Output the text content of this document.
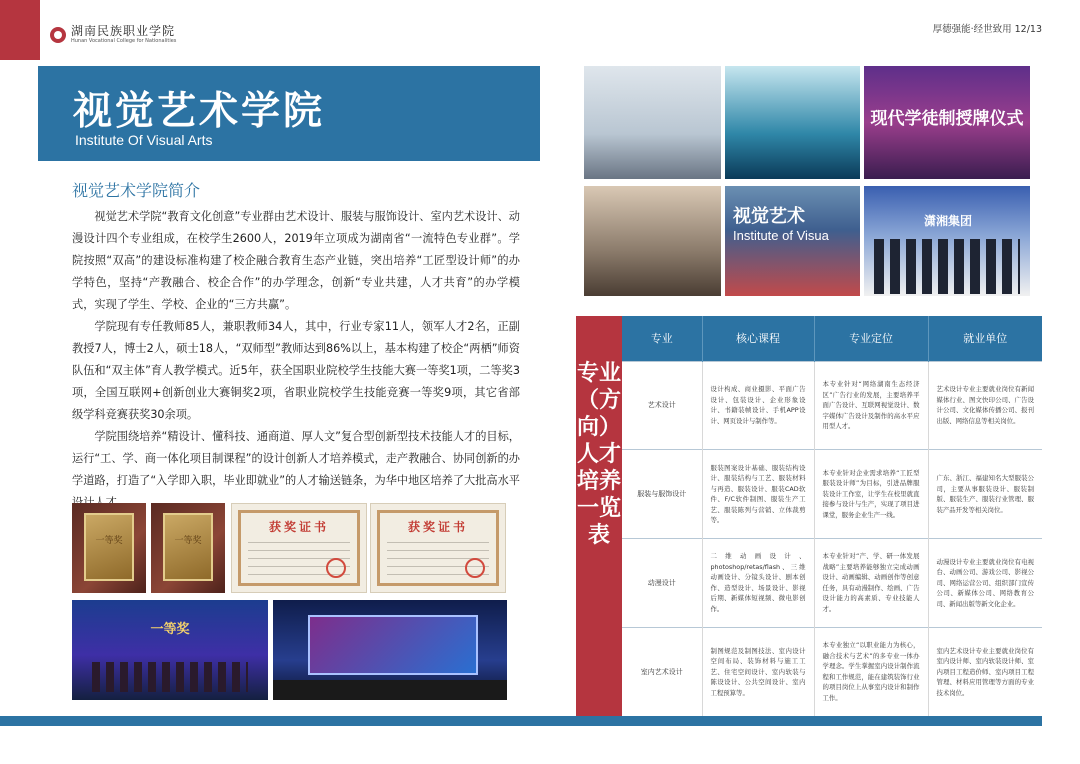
湖南民族职业学院
Hunan Vocational College for Nationalities
厚德强能·经世致用 12/13
视觉艺术学院
Institute Of Visual Arts
视觉艺术学院简介

视觉艺术学院“教育文化创意”专业群由艺术设计、服装与服饰设计、室内艺术设计、动漫设计四个专业组成，在校学生2600人，2019年立项成为湖南省“一流特色专业群”。学院按照“双高”的建设标准构建了校企融合教育生态产业链，突出培养“工匠型设计师”的办学特色，坚持“产教融合、校企合作”的办学理念，创新“专业共建，人才共育”的办学模式，实现了学生、学校、企业的“三方共赢”。

学院现有专任教师85人，兼职教师34人，其中，行业专家11人，领军人才2名，正副教授7人，博士2人，硕士18人，“双师型”教师达到86%以上，基本构建了校企“两栖”师资队伍和“双主体”育人教学模式。近5年，获全国职业院校学生技能大赛一等奖1项，二等奖3项，全国互联网+创新创业大赛铜奖2项，省职业院校学生技能竞赛一等奖9项，其它省部级学科竞赛获奖30余项。

学院围绕培养“精设计、懂科技、通商道、厚人文”复合型创新型技术技能人才的目标，运行“工、学、商一体化项目制课程”的设计创新人才培养模式，走产教融合、协同创新的办学道路，打造了“入学即入职，毕业即就业”的人才输送链条，为华中地区培养了大批高水平

一等奖	一等奖
获奖证书	获奖证书
一等奖
现代学徒制授牌仪式
视觉艺术
Institute of Visua
潇湘集团
专业（方向）人才培养一览表
专业	核心课程	专业定位	就业单位
艺术设计	设计构成、商业摄影、平面广告设计、包装设计、企业形象设计、书籍装帧设计、手机APP设计、网页设计与制作等。	本专业针对“网络湖南生态经济区”广告行业的发展，主要培养平面广告设计、互联网视觉设计、数字媒体广告设计及制作的高水平应用型人才。	艺术设计专业主要就业岗位有新闻媒体行业、图文快印公司、广告设计公司、文化媒体传播公司、报刊出版、网络信息等相关岗位。
服装与服饰设计	服装图案设计基础、服装结构设计、服装结构与工艺、服装材料与再造、服装设计、服装CAD软件、F/C软件制图、服装生产工艺、服装陈列与营销、立体裁剪等。	本专业针对企业需求培养“工匠型服装设计师”为目标，引进品牌服装设计工作室，让学生在校里就直接参与设计与生产，实现了项目进课堂，服务企业生产一线。	广东、浙江、福建知名大型服装公司，主要从事服装设计、服装制版、服装生产、服装行业管理、服装产品开发等相关岗位。
动漫设计	二维动画设计、photoshop/retas/flash、三维动画设计、分镜头设计、剧本创作、造型设计、场景设计、影视后期、新媒体短视频、微电影创作。	本专业针对“产、学、研一体发展战略”主要培养能够独立完成动画设计、动画编辑、动画创作等创意任务，具有动漫制作、绘画、广告设计能力的高素质、专业技能人才。	动漫设计专业主要就业岗位有电视台、动画公司、游戏公司、影视公司、网络运营公司、组织部门宣传公司、新媒体公司、网络教育公司、新闻出版等新文化企业。
室内艺术设计	制图规范及制图技法、室内设计空间布局、装饰材料与施工工艺、住宅空间设计、室内软装与陈设设计、公共空间设计、室内工程预算等。	本专业独立“以职业能力为核心，融合技术与艺术”的多专业一体办学理念。学生掌握室内设计制作流程和工作规范，能在建筑装饰行业的项目岗位上从事室内设计和制作工作。	室内艺术设计专业主要就业岗位有室内设计师、室内软装设计师、室内项目工程造价师、室内项目工程管理、材料应用管理等方面的专业技术岗位。
